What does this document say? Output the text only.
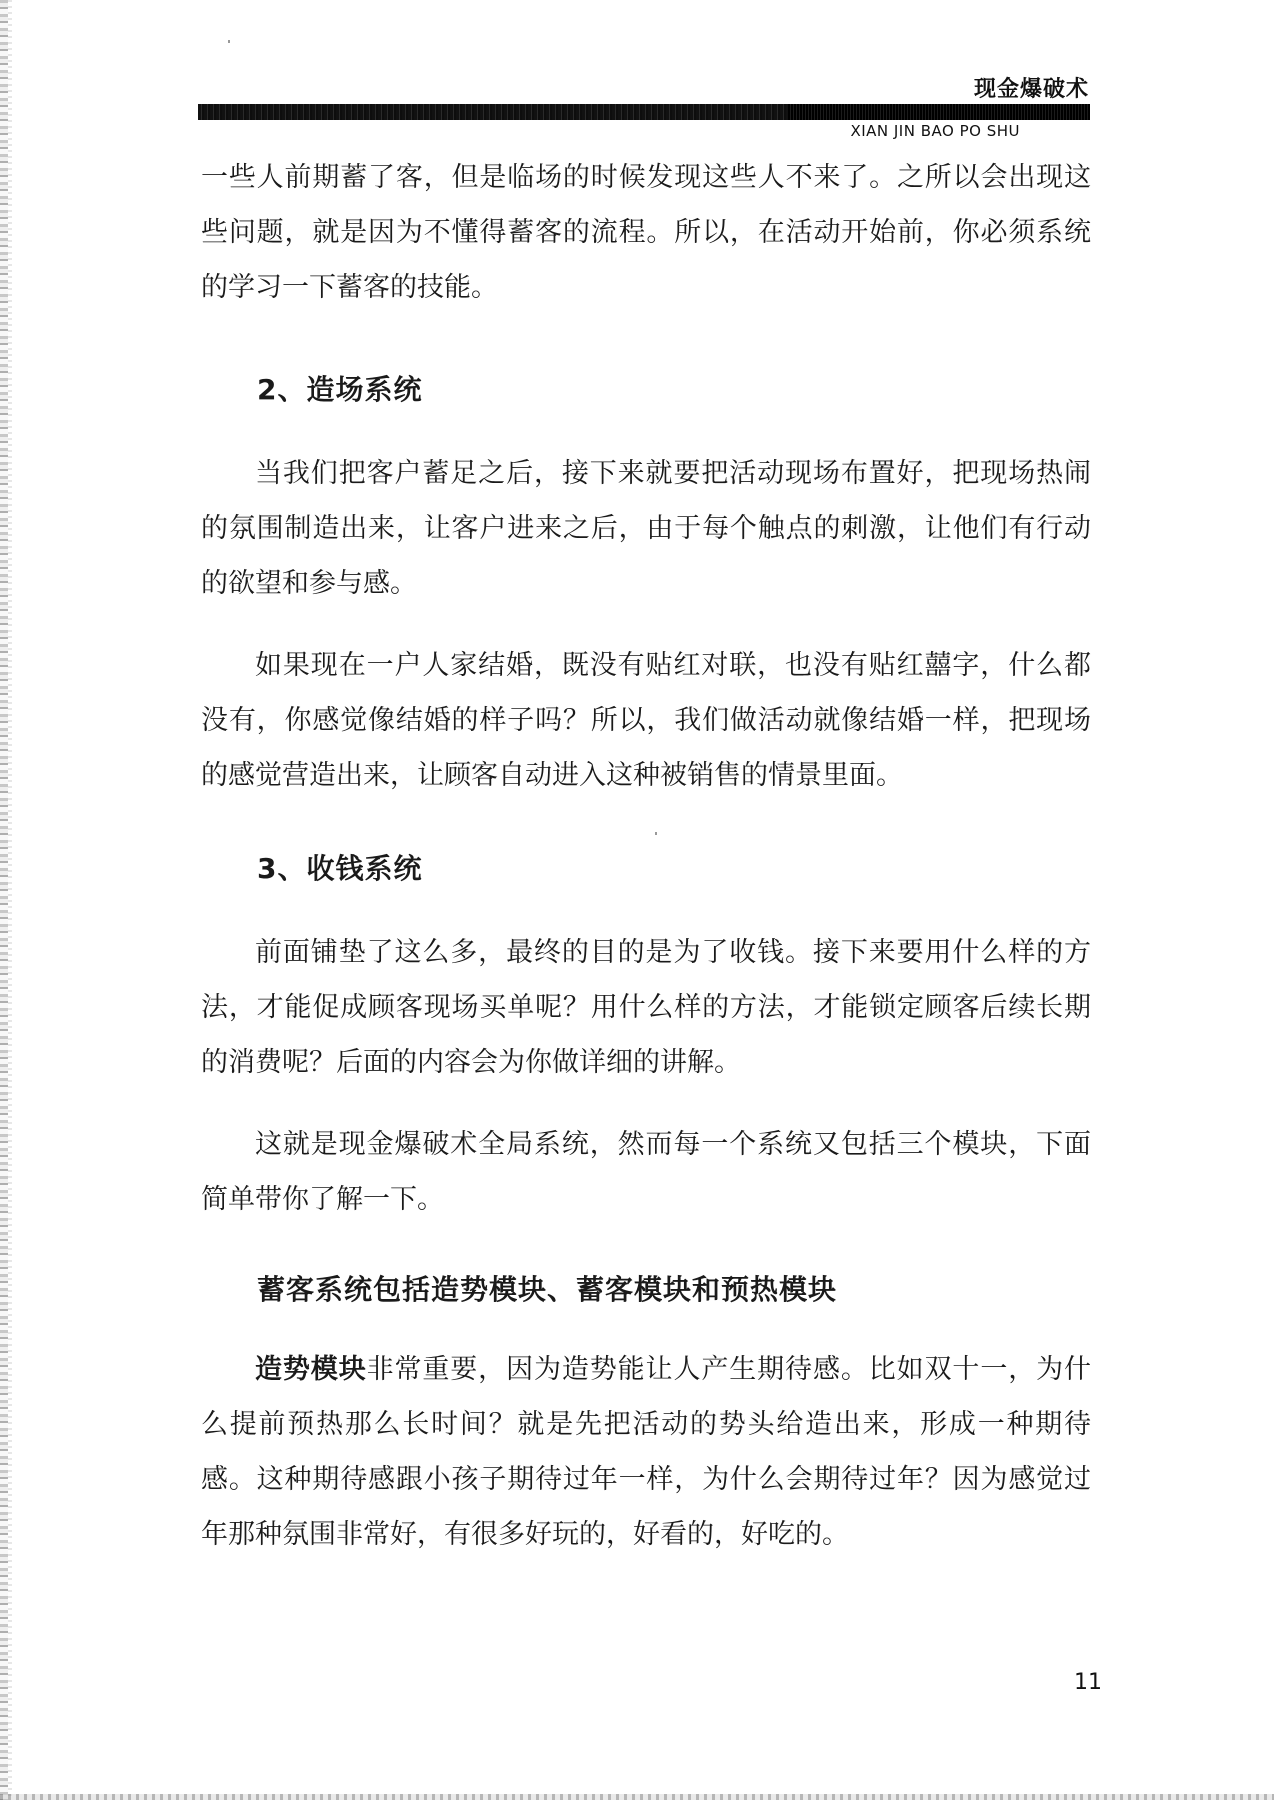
现金爆破术
XIAN JIN BAO PO SHU

一些人前期蓄了客，但是临场的时候发现这些人不来了。之所以会出现这些问题，就是因为不懂得蓄客的流程。所以，在活动开始前，你必须系统的学习一下蓄客的技能。

2、造场系统

当我们把客户蓄足之后，接下来就要把活动现场布置好，把现场热闹的氛围制造出来，让客户进来之后，由于每个触点的刺激，让他们有行动的欲望和参与感。

如果现在一户人家结婚，既没有贴红对联，也没有贴红囍字，什么都没有，你感觉像结婚的样子吗？所以，我们做活动就像结婚一样，把现场的感觉营造出来，让顾客自动进入这种被销售的情景里面。

3、收钱系统

前面铺垫了这么多，最终的目的是为了收钱。接下来要用什么样的方法，才能促成顾客现场买单呢？用什么样的方法，才能锁定顾客后续长期的消费呢？后面的内容会为你做详细的讲解。

这就是现金爆破术全局系统，然而每一个系统又包括三个模块，下面简单带你了解一下。

蓄客系统包括造势模块、蓄客模块和预热模块

造势模块非常重要，因为造势能让人产生期待感。比如双十一，为什么提前预热那么长时间？就是先把活动的势头给造出来，形成一种期待感。这种期待感跟小孩子期待过年一样，为什么会期待过年？因为感觉过年那种氛围非常好，有很多好玩的，好看的，好吃的。

11
